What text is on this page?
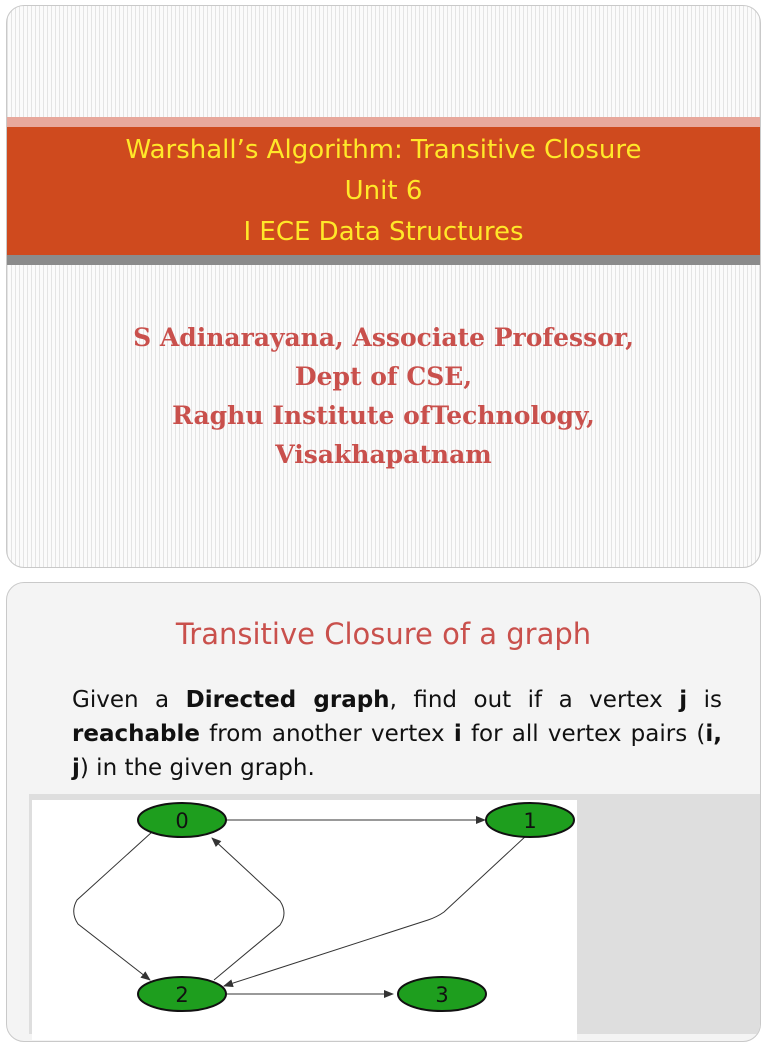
Warshall’s Algorithm: Transitive Closure
Unit 6
I ECE Data Structures
S Adinarayana, Associate Professor,
Dept of CSE,
Raghu Institute ofTechnology,
Visakhapatnam
Transitive Closure of a graph
Given a Directed graph, find out if a vertex j is reachable from another vertex i for all vertex pairs (i, j) in the given graph.
0	1
2	3
